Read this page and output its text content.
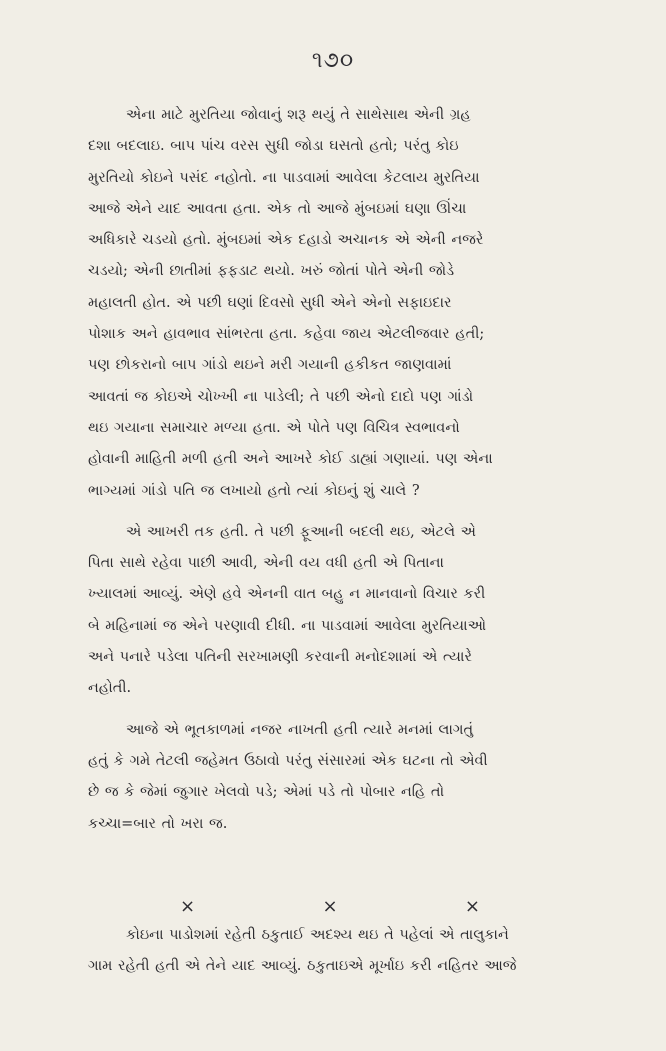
૧૭૦

એના માટે મુરતિયા જોવાનું શરૂ થયું તે સાથેસાથ એની ગ્રહ
દશા બદલાઇ. બાપ પાંચ વરસ સુધી જોડા ઘસતો હતો; પરંતુ કોઇ
મુરતિયો કોઇને પસંદ નહોતો. ના પાડવામાં આવેલા કેટલાય મુરતિયા
આજે એને યાદ આવતા હતા. એક તો આજે મુંબઇમાં ઘણા ઊંચા
અધિકારે ચડયો હતો. મુંબઇમાં એક દહાડો અચાનક એ એની નજરે
ચડયો; એની છાતીમાં ફફડાટ થયો. ખરું જોતાં પોતે એની જોડે
મહાલતી હોત. એ પછી ઘણાં દિવસો સુધી એને એનો સફાઇદાર
પોશાક અને હાવભાવ સાંભરતા હતા. કહેવા જાય એટલીજવાર હતી;
પણ છોકરાનો બાપ ગાંડો થઇને મરી ગયાની હકીકત જાણવામાં
આવતાં જ કોઇએ ચોખ્ખી ના પાડેલી; તે પછી એનો દાદો પણ ગાંડો
થઇ ગયાના સમાચાર મળ્યા હતા. એ પોતે પણ વિચિત્ર સ્વભાવનો
હોવાની માહિતી મળી હતી અને આખરે કોઈ ડાહ્યાં ગણાયાં. પણ એના
ભાગ્યમાં ગાંડો પતિ જ લખાયો હતો ત્યાં કોઇનું શું ચાલે ?

એ આખરી તક હતી. તે પછી ફૂઆની બદલી થઇ, એટલે એ
પિતા સાથે રહેવા પાછી આવી, એની વય વધી હતી એ પિતાના
ખ્યાલમાં આવ્યું. એણે હવે એનની વાત બહુ ન માનવાનો વિચાર કરી
બે મહિનામાં જ એને પરણાવી દીધી. ના પાડવામાં આવેલા મુરતિયાઓ
અને પનારે પડેલા પતિની સરખામણી કરવાની મનોદશામાં એ ત્યારે
નહોતી.

આજે એ ભૂતકાળમાં નજર નાખતી હતી ત્યારે મનમાં લાગતું
હતું કે ગમે તેટલી જહેમત ઉઠાવો પરંતુ સંસારમાં એક ઘટના તો એવી
છે જ કે જેમાં જુગાર ખેલવો પડે; એમાં પડે તો પોબાર નહિ તો
કચ્ચા=બાર તો ખરા જ.

×	×	×

કોઇના પાડોશમાં રહેતી ઠકુતાઈ અદશ્ય થઇ તે પહેલાં એ તાલુકાને
ગામ રહેતી હતી એ તેને યાદ આવ્યું. ઠકુતાઇએ મૂર્ખાઇ કરી નહિતર આજે
